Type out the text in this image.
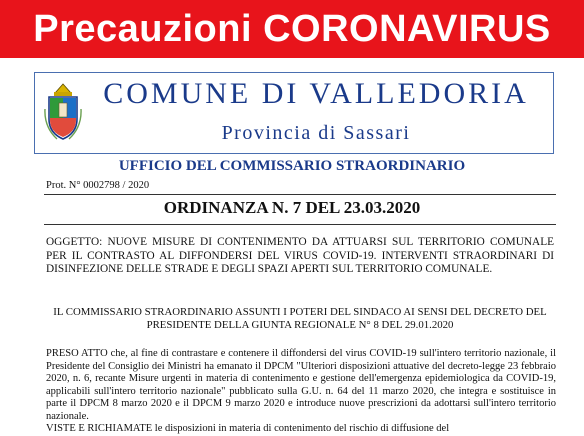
Precauzioni CORONAVIRUS
COMUNE DI VALLEDORIA
Provincia di Sassari
UFFICIO DEL COMMISSARIO STRAORDINARIO
Prot. N° 0002798 / 2020
ORDINANZA N. 7 DEL 23.03.2020
OGGETTO: NUOVE MISURE DI CONTENIMENTO DA ATTUARSI SUL TERRITORIO COMUNALE PER IL CONTRASTO AL DIFFONDERSI DEL VIRUS COVID-19. INTERVENTI STRAORDINARI DI DISINFEZIONE DELLE STRADE E DEGLI SPAZI APERTI SUL TERRITORIO COMUNALE.
IL COMMISSARIO STRAORDINARIO ASSUNTI I POTERI DEL SINDACO AI SENSI DEL DECRETO DEL PRESIDENTE DELLA GIUNTA REGIONALE N° 8 DEL 29.01.2020
PRESO ATTO che, al fine di contrastare e contenere il diffondersi del virus COVID-19 sull'intero territorio nazionale, il Presidente del Consiglio dei Ministri ha emanato il DPCM "Ulteriori disposizioni attuative del decreto-legge 23 febbraio 2020, n. 6, recante Misure urgenti in materia di contenimento e gestione dell'emergenza epidemiologica da COVID-19, applicabili sull'intero territorio nazionale" pubblicato sulla G.U. n. 64 del 11 marzo 2020, che integra e sostituisce in parte il DPCM 8 marzo 2020 e il DPCM 9 marzo 2020 e introduce nuove prescrizioni da adottarsi sull'intero territorio nazionale.
VISTE E RICHIAMATE le disposizioni in materia di contenimento del rischio di diffusione del
